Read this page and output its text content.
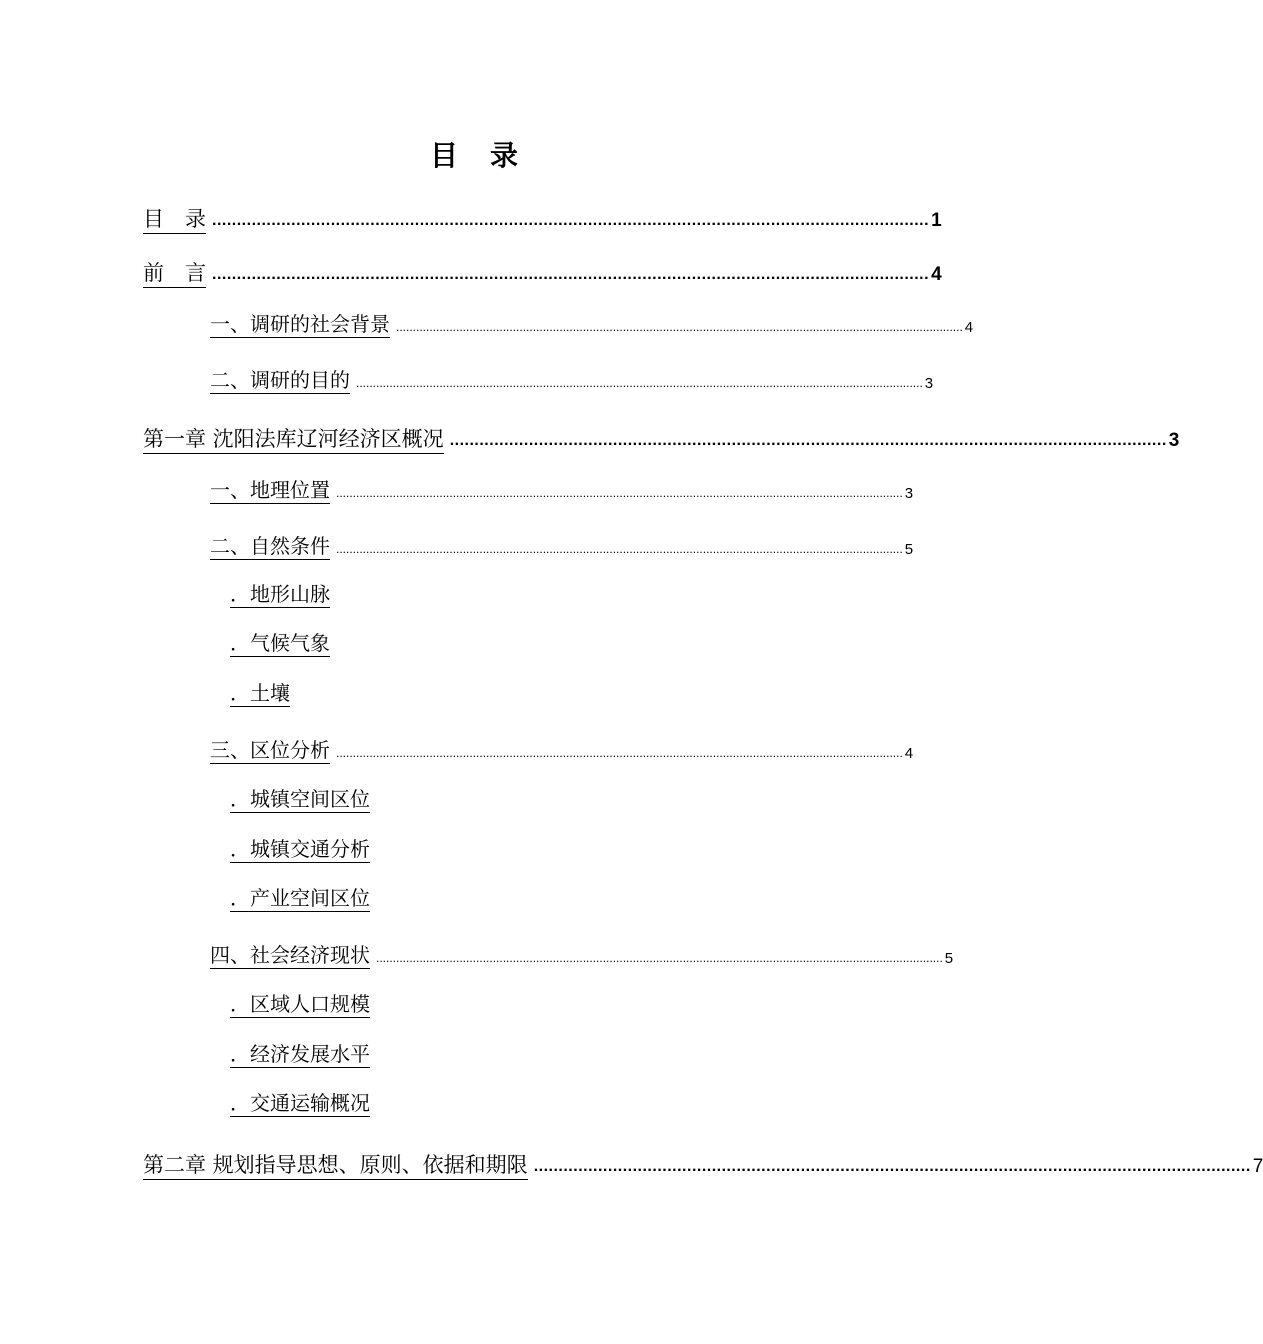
目　录
目　录 ................................................................................................................................................. 1
前　言 ................................................................................................................................................. 4
一、调研的社会背景 .......................................................................................................................................................................... 4
二、调研的目的 .......................................................................................................................................................................... 3
第一章 沈阳法库辽河经济区概况 ................................................................................................................................................. 3
一、地理位置 .......................................................................................................................................................................... 3
二、自然条件 .......................................................................................................................................................................... 5
．地形山脉
．气候气象
．土壤
三、区位分析 .......................................................................................................................................................................... 4
．城镇空间区位
．城镇交通分析
．产业空间区位
四、社会经济现状 .......................................................................................................................................................................... 5
．区域人口规模
．经济发展水平
．交通运输概况
第二章 规划指导思想、原则、依据和期限 ................................................................................................................................................. 7
